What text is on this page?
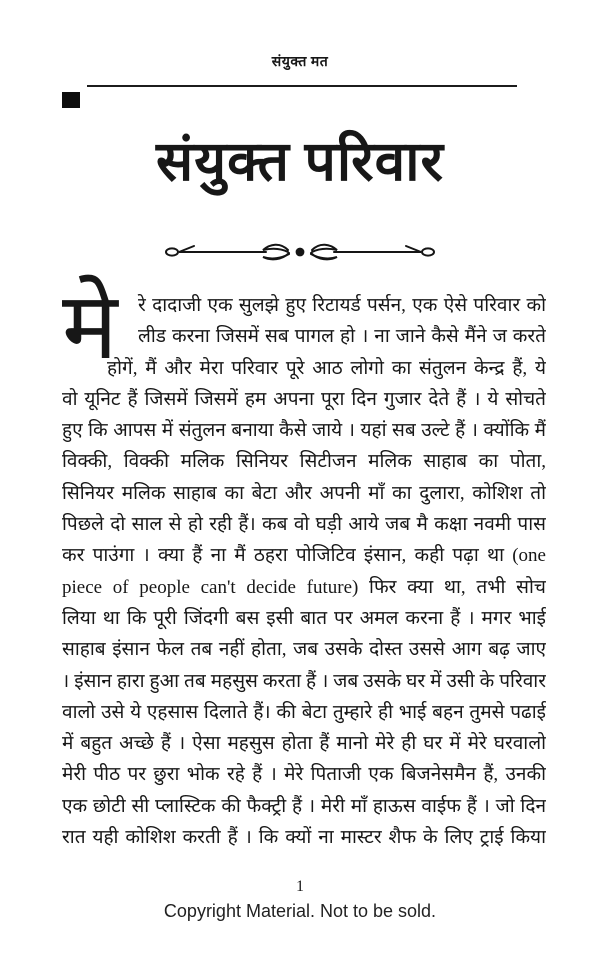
संयुक्त मत
संयुक्त परिवार
मे	रे दादाजी एक सुलझे हुए रिटायर्ड पर्सन, एक ऐसे परिवार को
लीड करना जिसमें सब पागल हो । ना जाने कैसे मैंने ज करते
होगें, मैं और मेरा परिवार पूरे आठ लोगो का संतुलन केन्द्र हैं, ये
वो यूनिट हैं जिसमें जिसमें हम अपना पूरा दिन गुजार देते हैं । ये सोचते
हुए कि आपस में संतुलन बनाया कैसे जाये । यहां सब उल्टे हैं । क्योंकि मैं
विक्की, विक्की मलिक सिनियर सिटीजन मलिक साहाब का पोता,
सिनियर मलिक साहाब का बेटा और अपनी माँ का दुलारा, कोशिश तो
पिछले दो साल से हो रही हैं। कब वो घड़ी आये जब मै कक्षा नवमी पास
कर पाउंगा । क्या हैं ना मैं ठहरा पोजिटिव इंसान, कही पढ़ा था (one
piece of people can't decide future) फिर क्या था, तभी सोच
लिया था कि पूरी जिंदगी बस इसी बात पर अमल करना हैं । मगर भाई
साहाब इंसान फेल तब नहीं होता, जब उसके दोस्त उससे आग बढ़ जाए
। इंसान हारा हुआ तब महसुस करता हैं । जब उसके घर में उसी के परिवार
वालो उसे ये एहसास दिलाते हैं। की बेटा तुम्हारे ही भाई बहन तुमसे पढाई
में बहुत अच्छे हैं । ऐसा महसुस होता हैं मानो मेरे ही घर में मेरे घरवालो
मेरी पीठ पर छुरा भोक रहे हैं । मेरे पिताजी एक बिजनेसमैन हैं, उनकी
एक छोटी सी प्लास्टिक की फैक्ट्री हैं । मेरी माँ हाऊस वाईफ हैं । जो दिन
रात यही कोशिश करती हैं । कि क्यों ना मास्टर शैफ के लिए ट्राई किया
1
Copyright Material. Not to be sold.
